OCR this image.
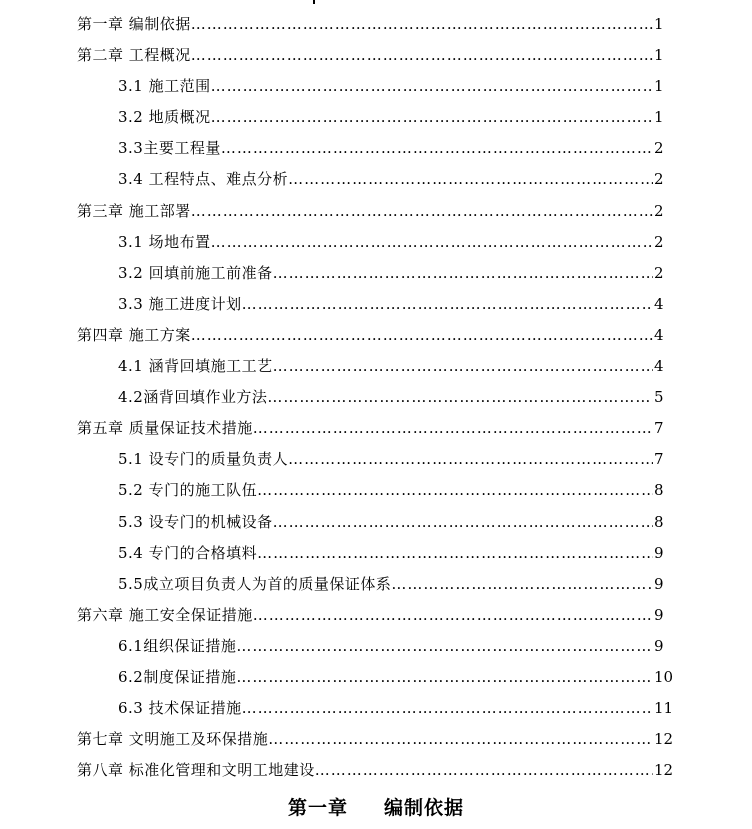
第一章 编制依据 …………………………………………………………………………………………………………………………………………………………………………	1
第二章 工程概况 …………………………………………………………………………………………………………………………………………………………………………	1
3.1 施工范围 …………………………………………………………………………………………………………………………………………………………………………	1
3.2 地质概况 …………………………………………………………………………………………………………………………………………………………………………	1
3.3主要工程量 …………………………………………………………………………………………………………………………………………………………………………	2
3.4 工程特点、难点分析 …………………………………………………………………………………………………………………………………………………………………………	2
第三章 施工部署 …………………………………………………………………………………………………………………………………………………………………………	2
3.1 场地布置 …………………………………………………………………………………………………………………………………………………………………………	2
3.2 回填前施工前准备 …………………………………………………………………………………………………………………………………………………………………………	2
3.3 施工进度计划 …………………………………………………………………………………………………………………………………………………………………………	4
第四章 施工方案 …………………………………………………………………………………………………………………………………………………………………………	4
4.1 涵背回填施工工艺 …………………………………………………………………………………………………………………………………………………………………………	4
4.2涵背回填作业方法 …………………………………………………………………………………………………………………………………………………………………………	5
第五章 质量保证技术措施 …………………………………………………………………………………………………………………………………………………………………………	7
5.1 设专门的质量负责人 …………………………………………………………………………………………………………………………………………………………………………	7
5.2 专门的施工队伍 …………………………………………………………………………………………………………………………………………………………………………	8
5.3 设专门的机械设备 …………………………………………………………………………………………………………………………………………………………………………	8
5.4 专门的合格填料 …………………………………………………………………………………………………………………………………………………………………………	9
5.5成立项目负责人为首的质量保证体系 …………………………………………………………………………………………………………………………………………………………………………	9
第六章 施工安全保证措施 …………………………………………………………………………………………………………………………………………………………………………	9
6.1组织保证措施 …………………………………………………………………………………………………………………………………………………………………………	9
6.2制度保证措施 …………………………………………………………………………………………………………………………………………………………………………	10
6.3 技术保证措施 …………………………………………………………………………………………………………………………………………………………………………	11
第七章 文明施工及环保措施 …………………………………………………………………………………………………………………………………………………………………………	12
第八章 标准化管理和文明工地建设 …………………………………………………………………………………………………………………………………………………………………………	12
第一章 编制依据
